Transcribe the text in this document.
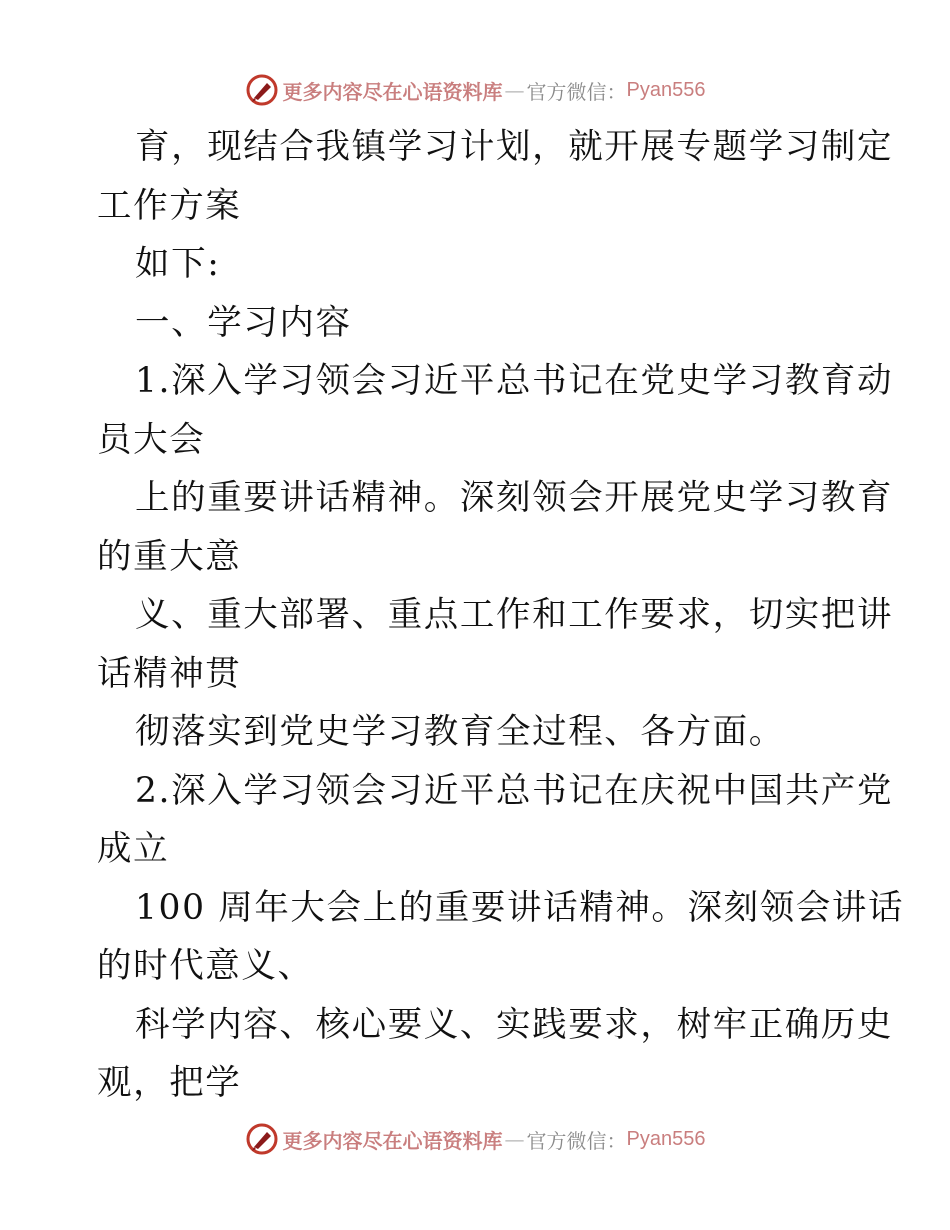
更多内容尽在心语资料库 — 官方微信： Pyan556
育，现结合我镇学习计划，就开展专题学习制定
工作方案
如下:
一、学习内容
1.深入学习领会习近平总书记在党史学习教育动
员大会
上的重要讲话精神。深刻领会开展党史学习教育
的重大意
义、重大部署、重点工作和工作要求，切实把讲
话精神贯
彻落实到党史学习教育全过程、各方面。
2.深入学习领会习近平总书记在庆祝中国共产党
成立
100 周年大会上的重要讲话精神。深刻领会讲话
的时代意义、
科学内容、核心要义、实践要求，树牢正确历史
观，把学
更多内容尽在心语资料库 — 官方微信： Pyan556
